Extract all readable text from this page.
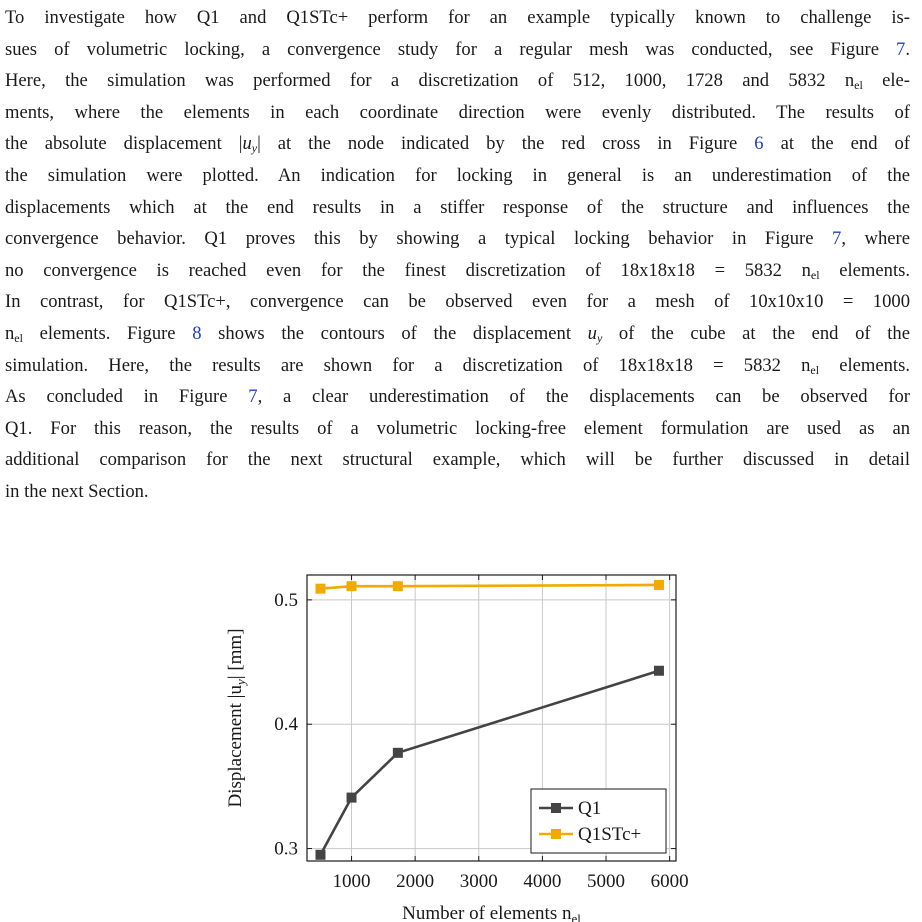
To investigate how Q1 and Q1STc+ perform for an example typically known to challenge is-
sues of volumetric locking, a convergence study for a regular mesh was conducted, see Figure 7.
Here, the simulation was performed for a discretization of 512, 1000, 1728 and 5832 $n_{el}$ ele-
ments, where the elements in each coordinate direction were evenly distributed. The results of
the absolute displacement $|u_y|$ at the node indicated by the red cross in Figure 6 at the end of
the simulation were plotted. An indication for locking in general is an underestimation of the
displacements which at the end results in a stiffer response of the structure and influences the
convergence behavior. Q1 proves this by showing a typical locking behavior in Figure 7, where
no convergence is reached even for the finest discretization of 18x18x18 = 5832 $n_{el}$ elements.
In contrast, for Q1STc+, convergence can be observed even for a mesh of 10x10x10 = 1000
$n_{el}$ elements. Figure 8 shows the contours of the displacement $u_y$ of the cube at the end of the
simulation. Here, the results are shown for a discretization of 18x18x18 = 5832 $n_{el}$ elements.
As concluded in Figure 7, a clear underestimation of the displacements can be observed for
Q1. For this reason, the results of a volumetric locking-free element formulation are used as an
additional comparison for the next structural example, which will be further discussed in detail
in the next Section.

1000 2000 3000 4000 5000 6000
0.3
0.4
0.5
Q1
Q1STc+
Number of elements $n_{el}$
Displacement $|u_y|$ [mm]
